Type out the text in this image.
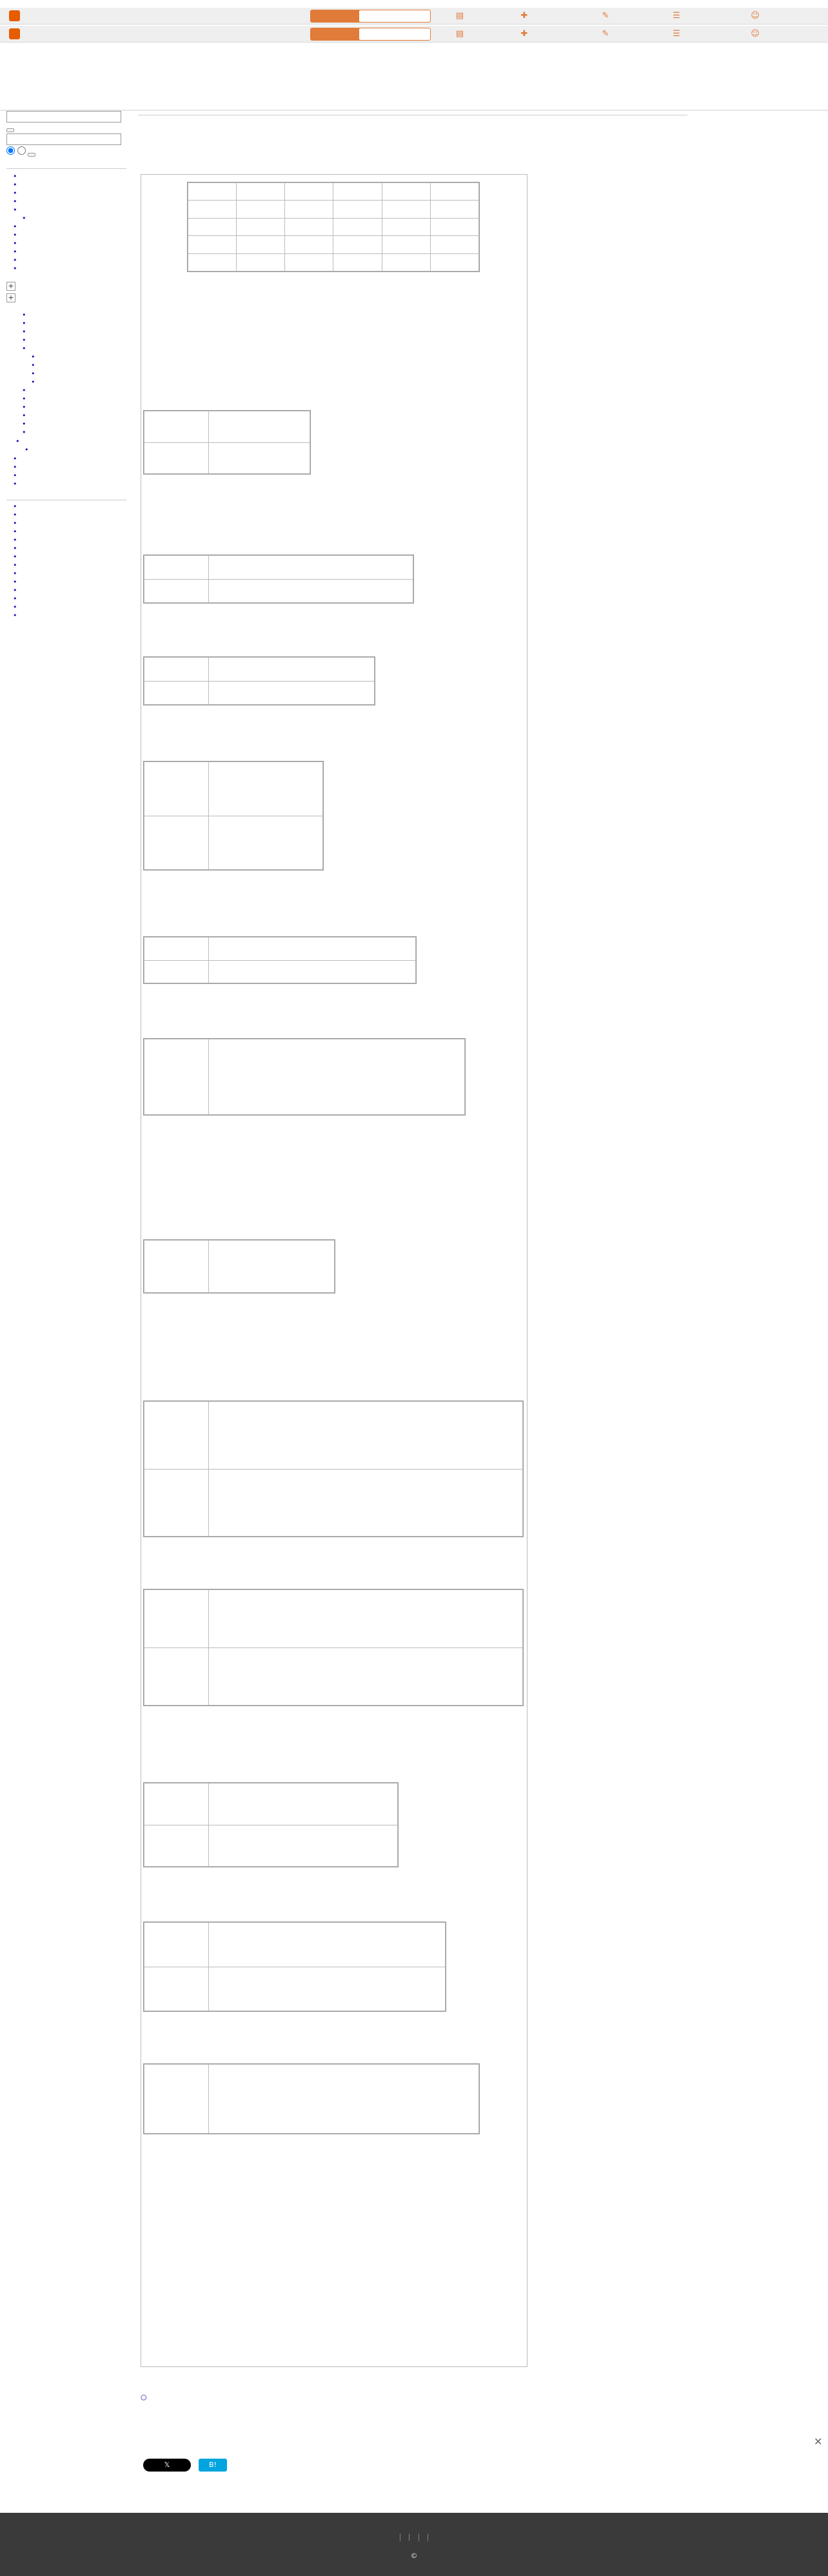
▤	✚	✎	☰	☺
▤	✚	✎	☰	☺

•
•
•
•
•
•
•
•
•
•
•
•
+
+
•
•
•
•
•
•
•
•
•
•
•
•
•
•
•
•
•
•
•
•
•
•
•
•
•
•
•
•
•
•
•
•
•
•
•

○
✕
𝕏	B!
｜ ｜ ｜ ｜
©
